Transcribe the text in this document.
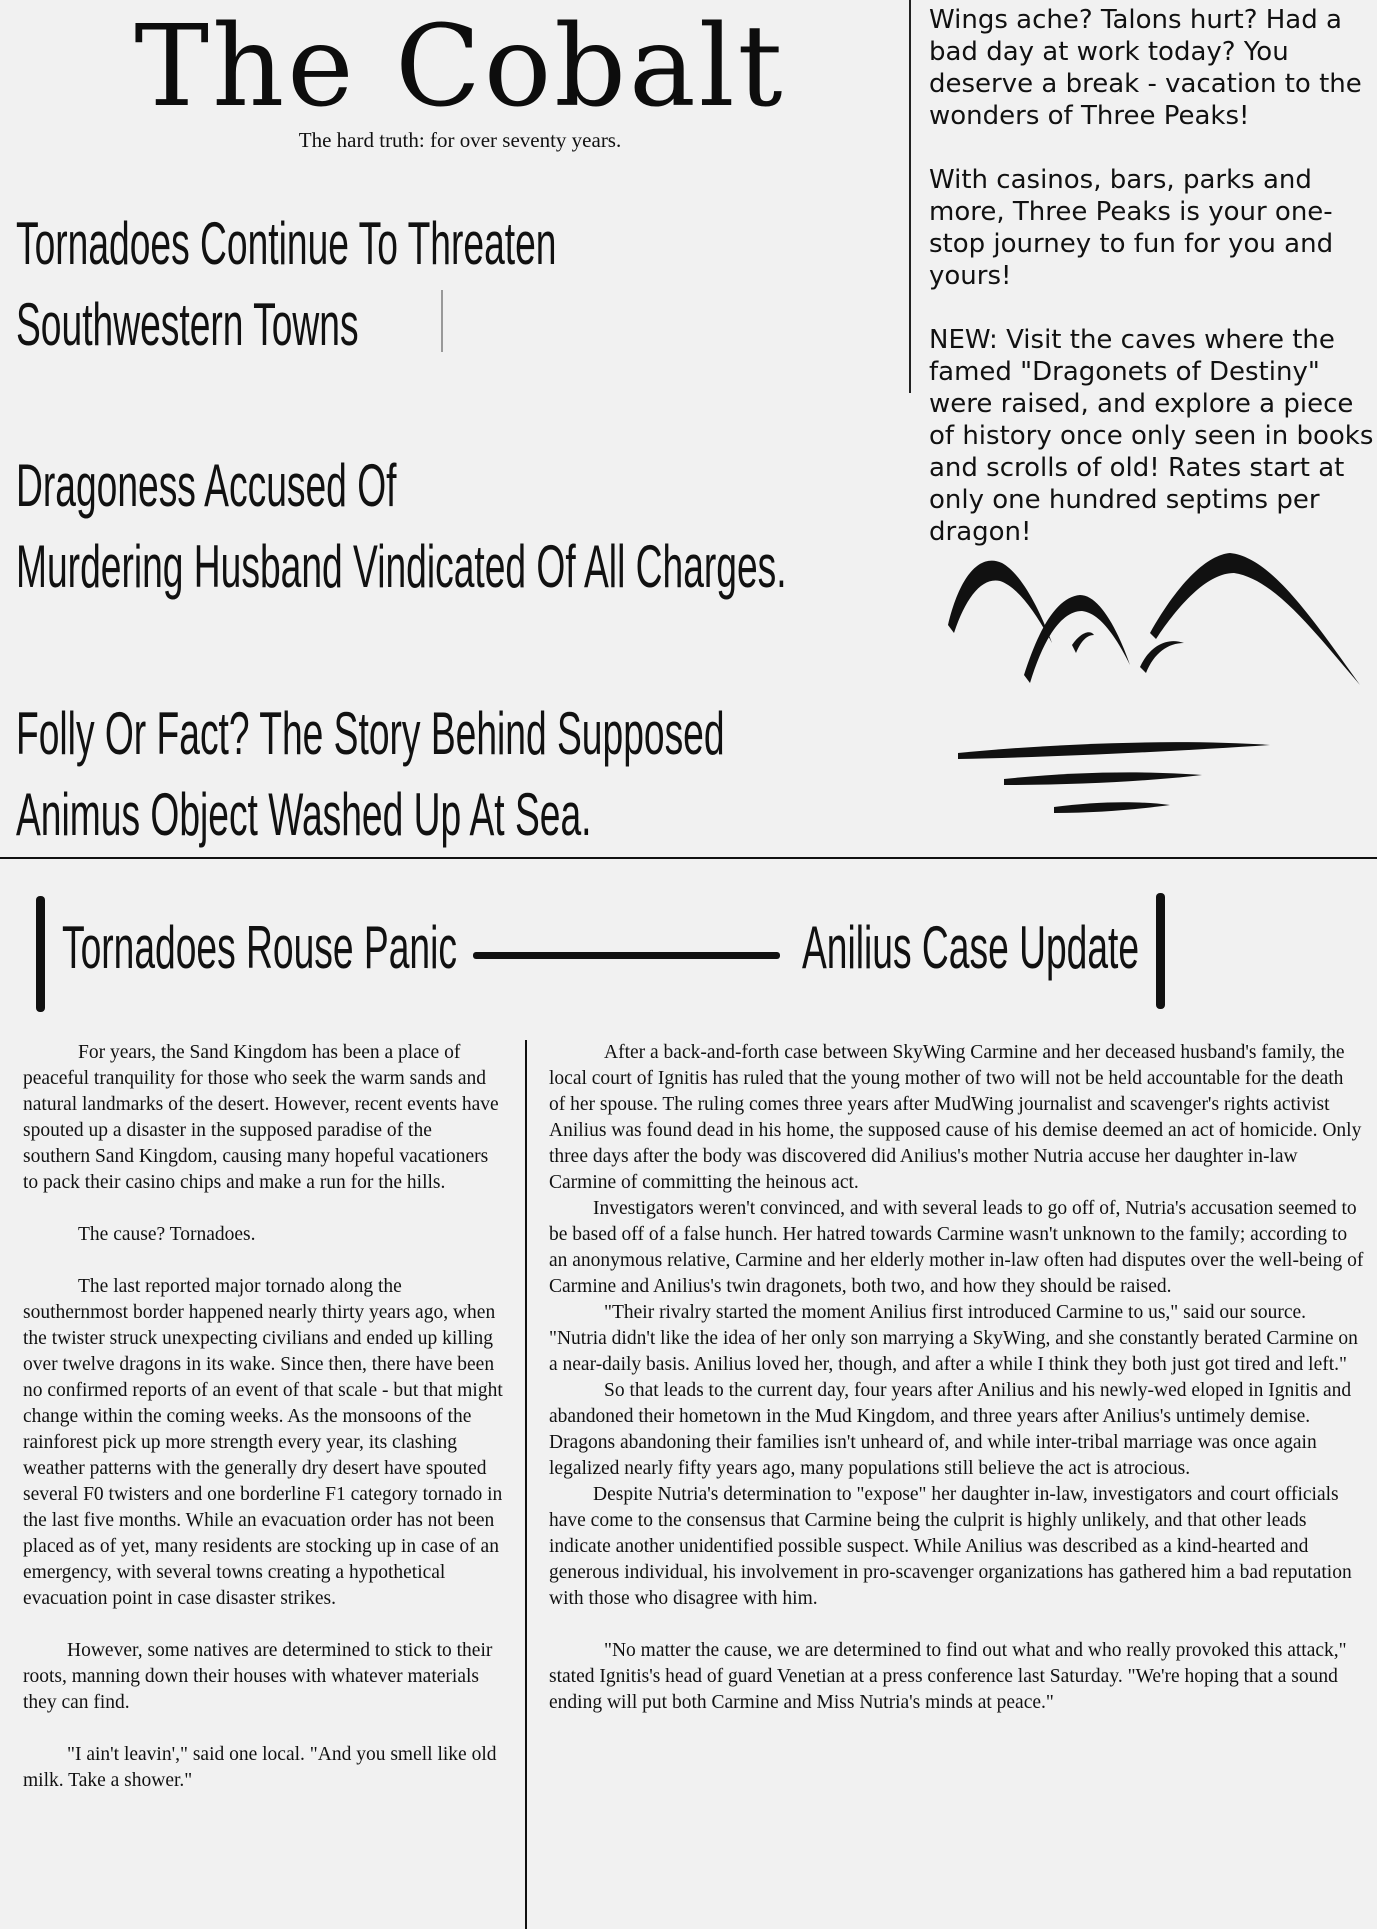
The Cobalt
The hard truth: for over seventy years.
Tornadoes Continue To Threaten
Southwestern Towns
Dragoness Accused Of
Murdering Husband Vindicated Of All Charges.
Folly Or Fact? The Story Behind Supposed
Animus Object Washed Up At Sea.

Wings ache? Talons hurt? Had a bad day at work today? You deserve a break - vacation to the wonders of Three Peaks!

With casinos, bars, parks and more, Three Peaks is your one-stop journey to fun for you and yours!

NEW: Visit the caves where the famed "Dragonets of Destiny" were raised, and explore a piece of history once only seen in books and scrolls of old! Rates start at only one hundred septims per dragon!

Tornadoes Rouse Panic	Anilius Case Update

For years, the Sand Kingdom has been a place of peaceful tranquility for those who seek the warm sands and natural landmarks of the desert. However, recent events have spouted up a disaster in the supposed paradise of the southern Sand Kingdom, causing many hopeful vacationers to pack their casino chips and make a run for the hills.

The cause? Tornadoes.

The last reported major tornado along the southernmost border happened nearly thirty years ago, when the twister struck unexpecting civilians and ended up killing over twelve dragons in its wake. Since then, there have been no confirmed reports of an event of that scale - but that might change within the coming weeks. As the monsoons of the rainforest pick up more strength every year, its clashing weather patterns with the generally dry desert have spouted several F0 twisters and one borderline F1 category tornado in the last five months. While an evacuation order has not been placed as of yet, many residents are stocking up in case of an emergency, with several towns creating a hypothetical evacuation point in case disaster strikes.

However, some natives are determined to stick to their roots, manning down their houses with whatever materials they can find.

"I ain't leavin'," said one local. "And you smell like old milk. Take a shower."

After a back-and-forth case between SkyWing Carmine and her deceased husband's family, the local court of Ignitis has ruled that the young mother of two will not be held accountable for the death of her spouse. The ruling comes three years after MudWing journalist and scavenger's rights activist Anilius was found dead in his home, the supposed cause of his demise deemed an act of homicide. Only three days after the body was discovered did Anilius's mother Nutria accuse her daughter in-law Carmine of committing the heinous act.

Investigators weren't convinced, and with several leads to go off of, Nutria's accusation seemed to be based off of a false hunch. Her hatred towards Carmine wasn't unknown to the family; according to an anonymous relative, Carmine and her elderly mother in-law often had disputes over the well-being of Carmine and Anilius's twin dragonets, both two, and how they should be raised.

"Their rivalry started the moment Anilius first introduced Carmine to us," said our source. "Nutria didn't like the idea of her only son marrying a SkyWing, and she constantly berated Carmine on a near-daily basis. Anilius loved her, though, and after a while I think they both just got tired and left."

So that leads to the current day, four years after Anilius and his newly-wed eloped in Ignitis and abandoned their hometown in the Mud Kingdom, and three years after Anilius's untimely demise. Dragons abandoning their families isn't unheard of, and while inter-tribal marriage was once again legalized nearly fifty years ago, many populations still believe the act is atrocious.

Despite Nutria's determination to "expose" her daughter in-law, investigators and court officials have come to the consensus that Carmine being the culprit is highly unlikely, and that other leads indicate another unidentified possible suspect. While Anilius was described as a kind-hearted and generous individual, his involvement in pro-scavenger organizations has gathered him a bad reputation with those who disagree with him.

"No matter the cause, we are determined to find out what and who really provoked this attack," stated Ignitis's head of guard Venetian at a press conference last Saturday. "We're hoping that a sound ending will put both Carmine and Miss Nutria's minds at peace."
